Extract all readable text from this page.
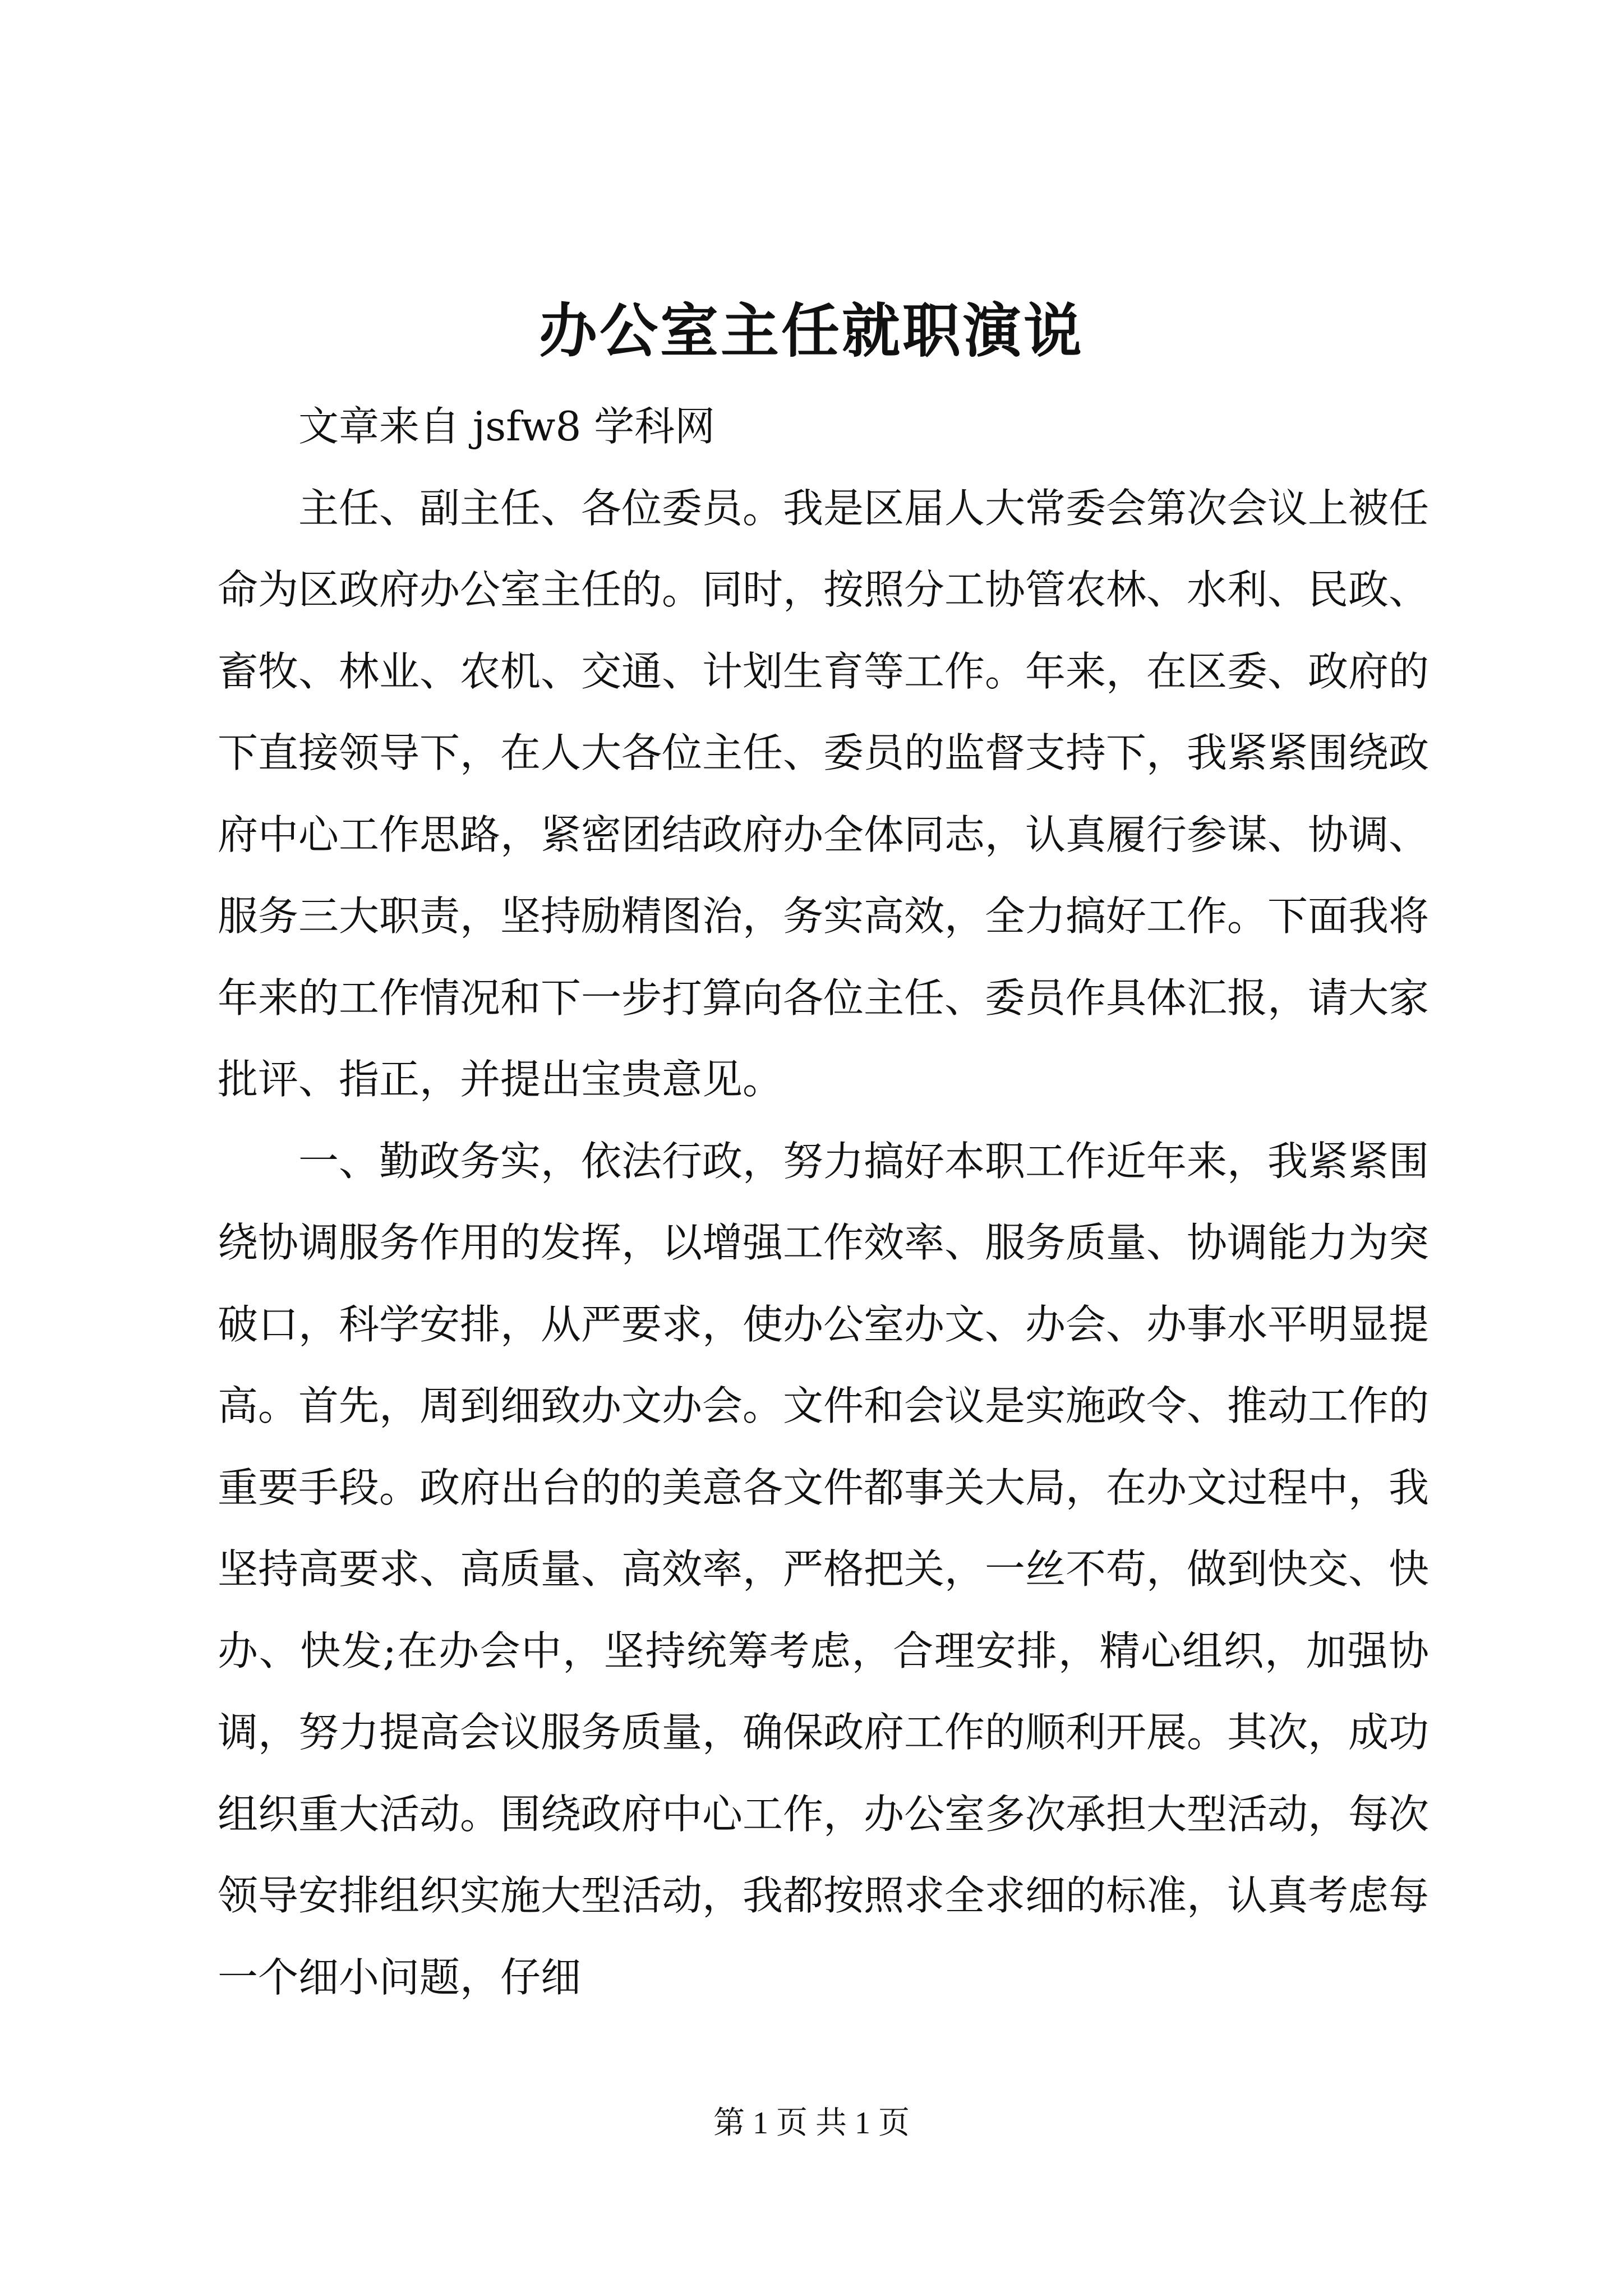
办公室主任就职演说

文章来自 jsfw8 学科网

主任、副主任、各位委员。我是区届人大常委会第次会议上被任命为区政府办公室主任的。同时，按照分工协管农林、水利、民政、畜牧、林业、农机、交通、计划生育等工作。年来，在区委、政府的下直接领导下，在人大各位主任、委员的监督支持下，我紧紧围绕政府中心工作思路，紧密团结政府办全体同志，认真履行参谋、协调、服务三大职责，坚持励精图治，务实高效，全力搞好工作。下面我将年来的工作情况和下一步打算向各位主任、委员作具体汇报，请大家批评、指正，并提出宝贵意见。

一、勤政务实，依法行政，努力搞好本职工作近年来，我紧紧围绕协调服务作用的发挥，以增强工作效率、服务质量、协调能力为突破口，科学安排，从严要求，使办公室办文、办会、办事水平明显提高。首先，周到细致办文办会。文件和会议是实施政令、推动工作的重要手段。政府出台的的美意各文件都事关大局，在办文过程中，我坚持高要求、高质量、高效率，严格把关，一丝不苟，做到快交、快办、快发;在办会中，坚持统筹考虑，合理安排，精心组织，加强协调，努力提高会议服务质量，确保政府工作的顺利开展。其次，成功组织重大活动。围绕政府中心工作，办公室多次承担大型活动，每次领导安排组织实施大型活动，我都按照求全求细的标准，认真考虑每一个细小问题，仔细

第 1 页 共 1 页
